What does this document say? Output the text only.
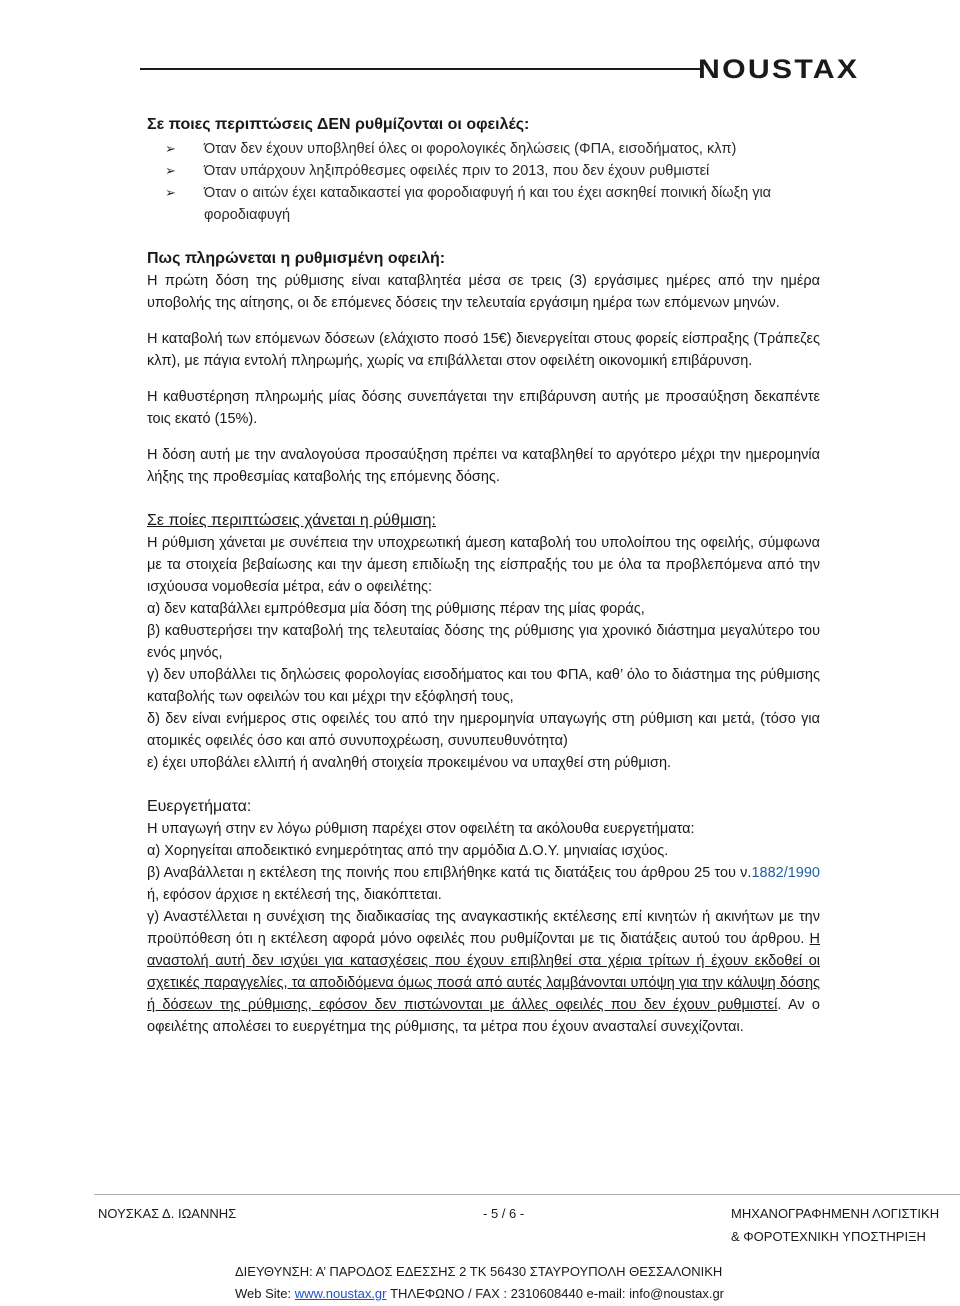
NOUSTAX
Σε ποιες περιπτώσεις ΔΕΝ ρυθμίζονται οι οφειλές:
➢ Όταν δεν έχουν υποβληθεί όλες οι φορολογικές δηλώσεις (ΦΠΑ, εισοδήματος, κλπ)
➢ Όταν υπάρχουν ληξιπρόθεσμες οφειλές πριν το 2013, που δεν έχουν ρυθμιστεί
➢ Όταν ο αιτών έχει καταδικαστεί για φοροδιαφυγή ή και του έχει ασκηθεί ποινική δίωξη για φοροδιαφυγή
Πως πληρώνεται η ρυθμισμένη οφειλή:

Η πρώτη δόση της ρύθμισης είναι καταβλητέα μέσα σε τρεις (3) εργάσιμες ημέρες από την ημέρα υποβολής της αίτησης, οι δε επόμενες δόσεις την τελευταία εργάσιμη ημέρα των επόμενων μηνών.

Η καταβολή των επόμενων δόσεων (ελάχιστο ποσό 15€) διενεργείται στους φορείς είσπραξης (Τράπεζες κλπ), με πάγια εντολή πληρωμής, χωρίς να επιβάλλεται στον οφειλέτη οικονομική επιβάρυνση.

Η καθυστέρηση πληρωμής μίας δόσης συνεπάγεται την επιβάρυνση αυτής με προσαύξηση δεκαπέντε τοις εκατό (15%).

Η δόση αυτή με την αναλογούσα προσαύξηση πρέπει να καταβληθεί το αργότερο μέχρι την ημερομηνία λήξης της προθεσμίας καταβολής της επόμενης δόσης.

Σε ποίες περιπτώσεις χάνεται η ρύθμιση:

Η ρύθμιση χάνεται με συνέπεια την υποχρεωτική άμεση καταβολή του υπολοίπου της οφειλής, σύμφωνα με τα στοιχεία βεβαίωσης και την άμεση επιδίωξη της είσπραξής του με όλα τα προβλεπόμενα από την ισχύουσα νομοθεσία μέτρα, εάν ο οφειλέτης:

α) δεν καταβάλλει εμπρόθεσμα μία δόση της ρύθμισης πέραν της μίας φοράς,

β) καθυστερήσει την καταβολή της τελευταίας δόσης της ρύθμισης για χρονικό διάστημα μεγαλύτερο του ενός μηνός,

γ) δεν υποβάλλει τις δηλώσεις φορολογίας εισοδήματος και του ΦΠΑ, καθ’ όλο το διάστημα της ρύθμισης καταβολής των οφειλών του και μέχρι την εξόφλησή τους,

δ) δεν είναι ενήμερος στις οφειλές του από την ημερομηνία υπαγωγής στη ρύθμιση και μετά, (τόσο για ατομικές οφειλές όσο και από συνυποχρέωση, συνυπευθυνότητα)

ε) έχει υποβάλει ελλιπή ή αναληθή στοιχεία προκειμένου να υπαχθεί στη ρύθμιση.

Ευεργετήματα:

Η υπαγωγή στην εν λόγω ρύθμιση παρέχει στον οφειλέτη τα ακόλουθα ευεργετήματα:

α) Χορηγείται αποδεικτικό ενημερότητας από την αρμόδια Δ.Ο.Υ. μηνιαίας ισχύος.

β) Αναβάλλεται η εκτέλεση της ποινής που επιβλήθηκε κατά τις διατάξεις του άρθρου 25 του ν.1882/1990 ή, εφόσον άρχισε η εκτέλεσή της, διακόπτεται.

γ) Αναστέλλεται η συνέχιση της διαδικασίας της αναγκαστικής εκτέλεσης επί κινητών ή ακινήτων με την προϋπόθεση ότι η εκτέλεση αφορά μόνο οφειλές που ρυθμίζονται με τις διατάξεις αυτού του άρθρου. Η αναστολή αυτή δεν ισχύει για κατασχέσεις που έχουν επιβληθεί στα χέρια τρίτων ή έχουν εκδοθεί οι σχετικές παραγγελίες, τα αποδιδόμενα όμως ποσά από αυτές λαμβάνονται υπόψη για την κάλυψη δόσης ή δόσεων της ρύθμισης, εφόσον δεν πιστώνονται με άλλες οφειλές που δεν έχουν ρυθμιστεί. Αν ο οφειλέτης απολέσει το ευεργέτημα της ρύθμισης, τα μέτρα που έχουν ανασταλεί συνεχίζονται.

ΝΟΥΣΚΑΣ Δ. ΙΩΑΝΝΗΣ	- 5 / 6 -	ΜΗΧΑΝΟΓΡΑΦΗΜΕΝΗ ΛΟΓΙΣΤΙΚΗ
& ΦΟΡΟΤΕΧΝΙΚΗ ΥΠΟΣΤΗΡΙΞΗ
ΔΙΕΥΘΥΝΣΗ: Α’ ΠΑΡΟΔΟΣ ΕΔΕΣΣΗΣ 2 ΤΚ 56430 ΣΤΑΥΡΟΥΠΟΛΗ ΘΕΣΣΑΛΟΝΙΚΗ
Web Site: www.noustax.gr ΤΗΛΕΦΩΝΟ / FAX : 2310608440 e-mail: info@noustax.gr
